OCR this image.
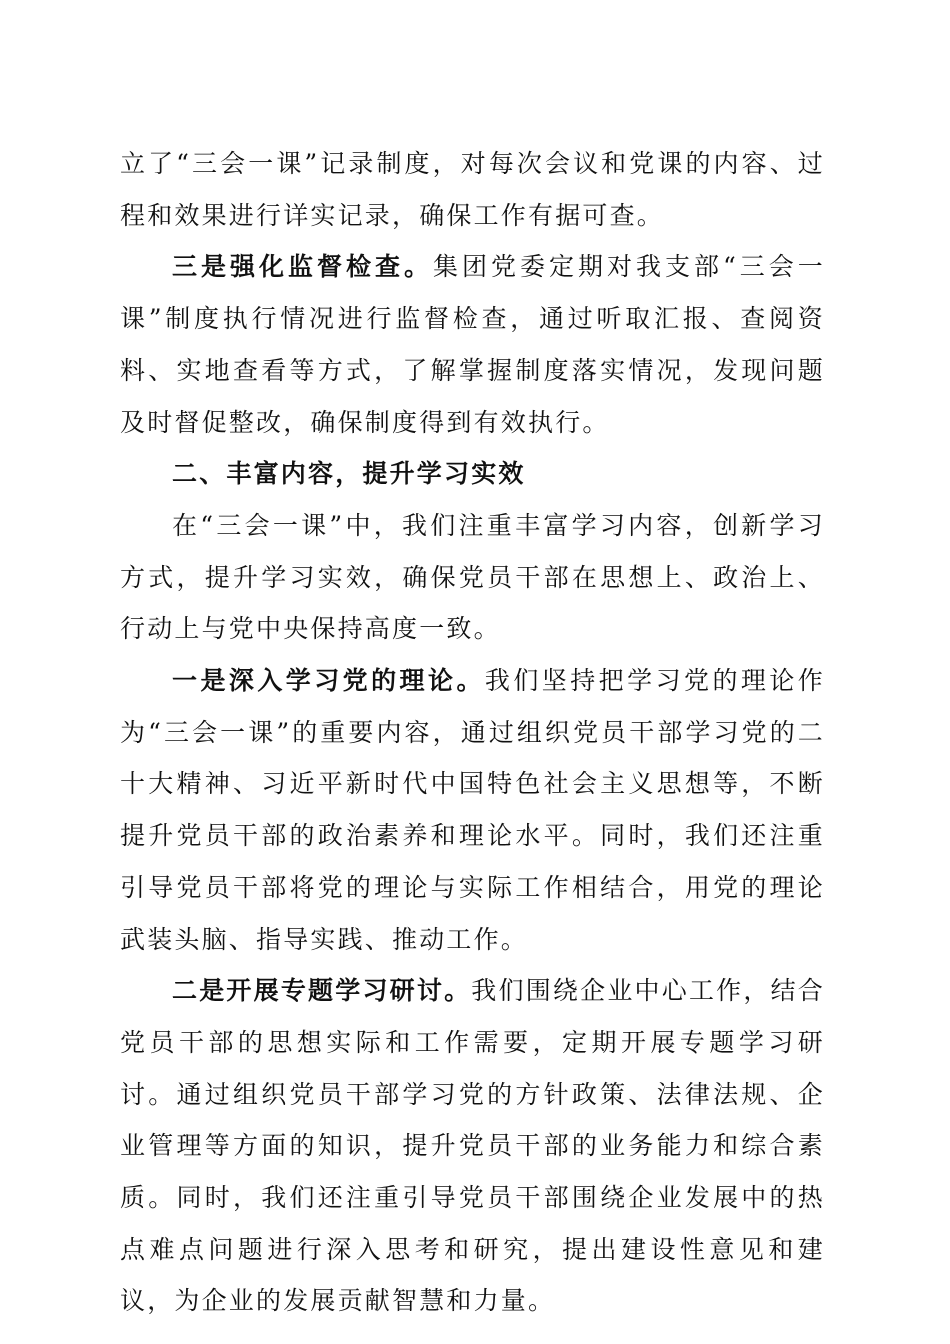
立了“三会一课”记录制度，对每次会议和党课的内容、过程和效果进行详实记录，确保工作有据可查。

三是强化监督检查。集团党委定期对我支部“三会一课”制度执行情况进行监督检查，通过听取汇报、查阅资料、实地查看等方式，了解掌握制度落实情况，发现问题及时督促整改，确保制度得到有效执行。

二、丰富内容，提升学习实效

在“三会一课”中，我们注重丰富学习内容，创新学习方式，提升学习实效，确保党员干部在思想上、政治上、行动上与党中央保持高度一致。

一是深入学习党的理论。我们坚持把学习党的理论作为“三会一课”的重要内容，通过组织党员干部学习党的二十大精神、习近平新时代中国特色社会主义思想等，不断提升党员干部的政治素养和理论水平。同时，我们还注重引导党员干部将党的理论与实际工作相结合，用党的理论武装头脑、指导实践、推动工作。

二是开展专题学习研讨。我们围绕企业中心工作，结合党员干部的思想实际和工作需要，定期开展专题学习研讨。通过组织党员干部学习党的方针政策、法律法规、企业管理等方面的知识，提升党员干部的业务能力和综合素质。同时，我们还注重引导党员干部围绕企业发展中的热点难点问题进行深入思考和研究，提出建设性意见和建议，为企业的发展贡献智慧和力量。
